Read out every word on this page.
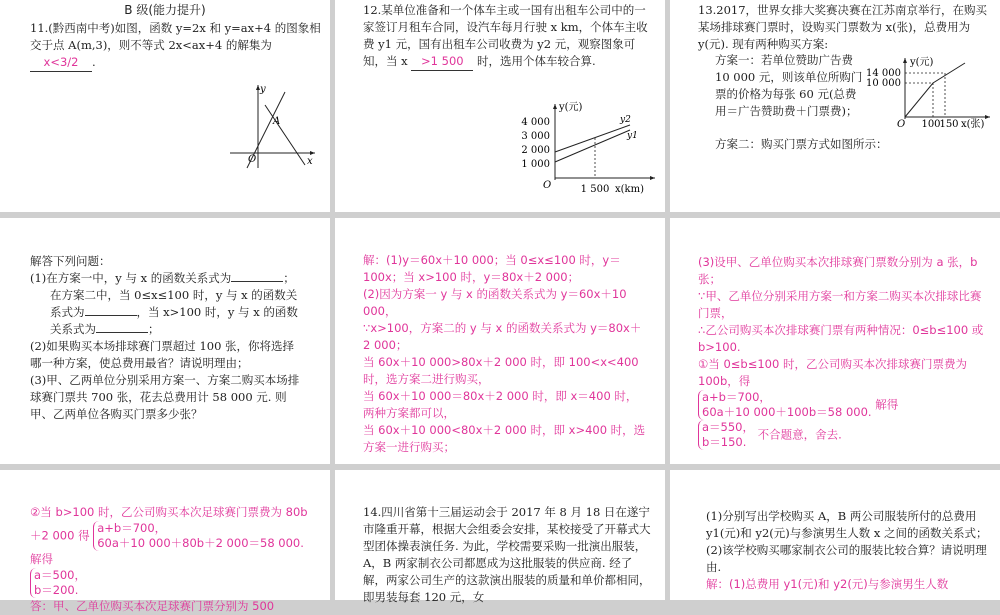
B 级(能力提升)
11.(黔西南中考)如图，函数 y=2x 和 y=ax+4 的图象相交于点 A(m,3)，则不等式 2x<ax+4 的解集为 x<3/2 .
y
A
O	x
12.某单位准备和一个体车主或一国有出租车公司中的一家签订月租车合同，设汽车每月行驶 x km，个体车主收费 y1 元，国有出租车公司收费为 y2 元，观察图象可知，当 x >1 500 时，选用个体车较合算.
y(元)
4 000
3 000
2 000
1 000
O	1 500 x(km)
y2
y1
13.2017，世界女排大奖赛决赛在江苏南京举行，在购买某场排球赛门票时，设购买门票数为 x(张)，总费用为 y(元). 现有两种购买方案:
方案一：若单位赞助广告费 10 000 元，则该单位所购门票的价格为每张 60 元(总费用＝广告赞助费＋门票费)；
方案二：购买门票方式如图所示：
y(元)
14 000
10 000
O 100
150 x(张)
解答下列问题：
(1)在方案一中，y 与 x 的函数关系式为	；
在方案二中，当 0≤x≤100 时，y 与 x 的函数关系式为	，当 x>100 时，y 与 x 的函数关系式为	；
(2)如果购买本场排球赛门票超过 100 张，你将选择哪一种方案，使总费用最省？请说明理由；
(3)甲、乙两单位分别采用方案一、方案二购买本场排球赛门票共 700 张，花去总费用计 58 000 元. 则甲、乙两单位各购买门票多少张？
解：(1)y＝60x＋10 000；当 0≤x≤100 时，y＝100x；当 x>100 时，y＝80x＋2 000；
(2)因为方案一 y 与 x 的函数关系式为 y＝60x＋10 000，
∵x>100，方案二的 y 与 x 的函数关系式为 y＝80x＋2 000；
当 60x＋10 000>80x＋2 000 时，即 100<x<400 时，选方案二进行购买，
当 60x＋10 000＝80x＋2 000 时，即 x＝400 时，两种方案都可以，
当 60x＋10 000<80x＋2 000 时，即 x>400 时，选方案一进行购买；
(3)设甲、乙单位购买本次排球赛门票数分别为 a 张，b 张；
∵甲、乙单位分别采用方案一和方案二购买本次排球比赛门票，
∴乙公司购买本次排球赛门票有两种情况：0≤b≤100 或 b>100.
①当 0≤b≤100 时，乙公司购买本次排球赛门票费为 100b，得
a+b＝700，
60a＋10 000＋100b＝58 000. 解得
a＝550，
b＝150. 不合题意，舍去.
②当 b>100 时，乙公司购买本次足球赛门票费为 80b＋2 000 得 a+b＝700，
60a＋10 000＋80b＋2 000＝58 000. 解得
a＝500，
b＝200.
答：甲、乙单位购买本次足球赛门票分别为 500
14.四川省第十三届运动会于 2017 年 8 月 18 日在遂宁市隆重开幕，根据大会组委会安排，某校接受了开幕式大型团体操表演任务. 为此，学校需要采购一批演出服装，A，B 两家制衣公司都愿成为这批服装的供应商. 经了解，两家公司生产的这款演出服装的质量和单价都相同，即男装每套 120 元，女
(1)分别写出学校购买 A，B 两公司服装所付的总费用 y1(元)和 y2(元)与参演男生人数 x 之间的函数关系式；
(2)该学校购买哪家制衣公司的服装比较合算？请说明理由.
解：(1)总费用 y1(元)和 y2(元)与参演男生人数
